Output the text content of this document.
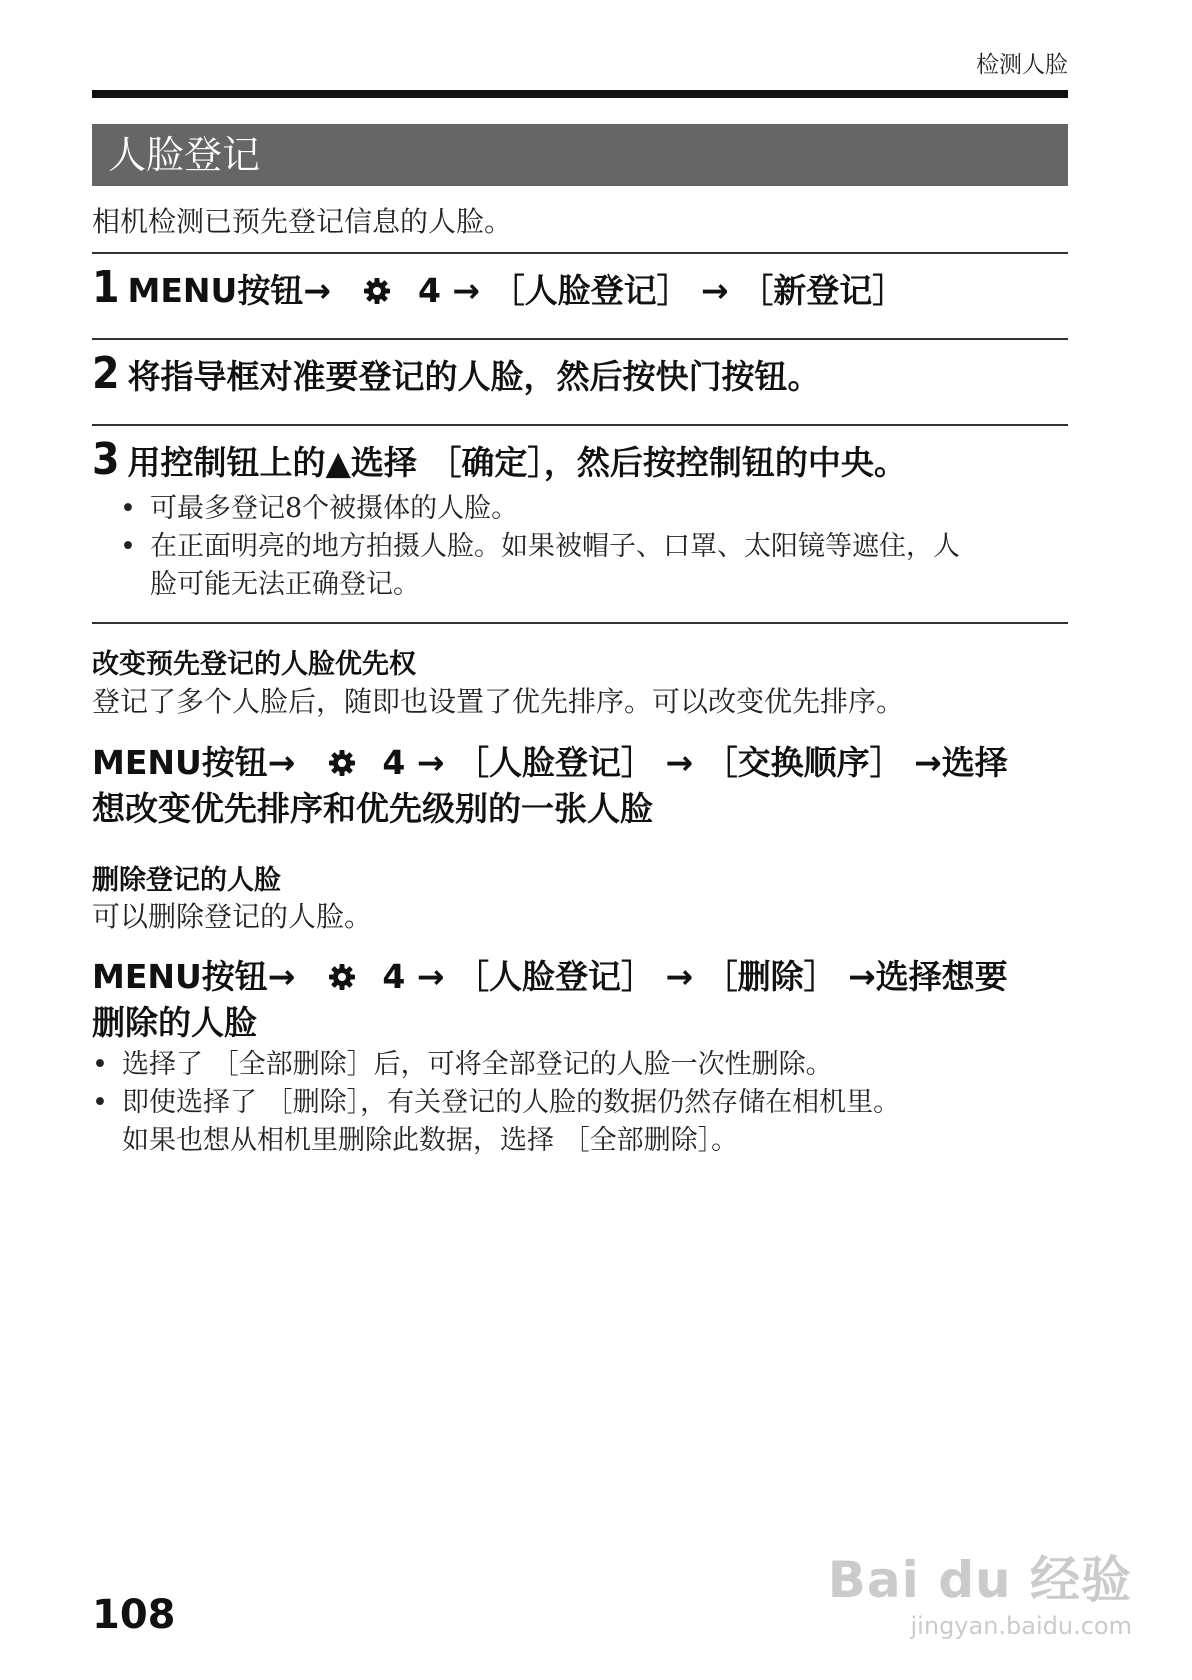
检测人脸
人脸登记
相机检测已预先登记信息的人脸。
1 MENU按钮→  4 → ［人脸登记］ → ［新登记］
2 将指导框对准要登记的人脸，然后按快门按钮。
3 用控制钮上的▲选择 ［确定］，然后按控制钮的中央。
• 可最多登记8个被摄体的人脸。
• 在正面明亮的地方拍摄人脸。如果被帽子、口罩、太阳镜等遮住，人
脸可能无法正确登记。
改变预先登记的人脸优先权
登记了多个人脸后，随即也设置了优先排序。可以改变优先排序。
MENU按钮→  4 → ［人脸登记］ → ［交换顺序］ →选择
想改变优先排序和优先级别的一张人脸
删除登记的人脸
可以删除登记的人脸。
MENU按钮→  4 → ［人脸登记］ → ［删除］ →选择想要
删除的人脸
• 选择了 ［全部删除］后，可将全部登记的人脸一次性删除。
• 即使选择了 ［删除］，有关登记的人脸的数据仍然存储在相机里。
如果也想从相机里删除此数据，选择 ［全部删除］。
108
Bai du 经验
jingyan.baidu.com
